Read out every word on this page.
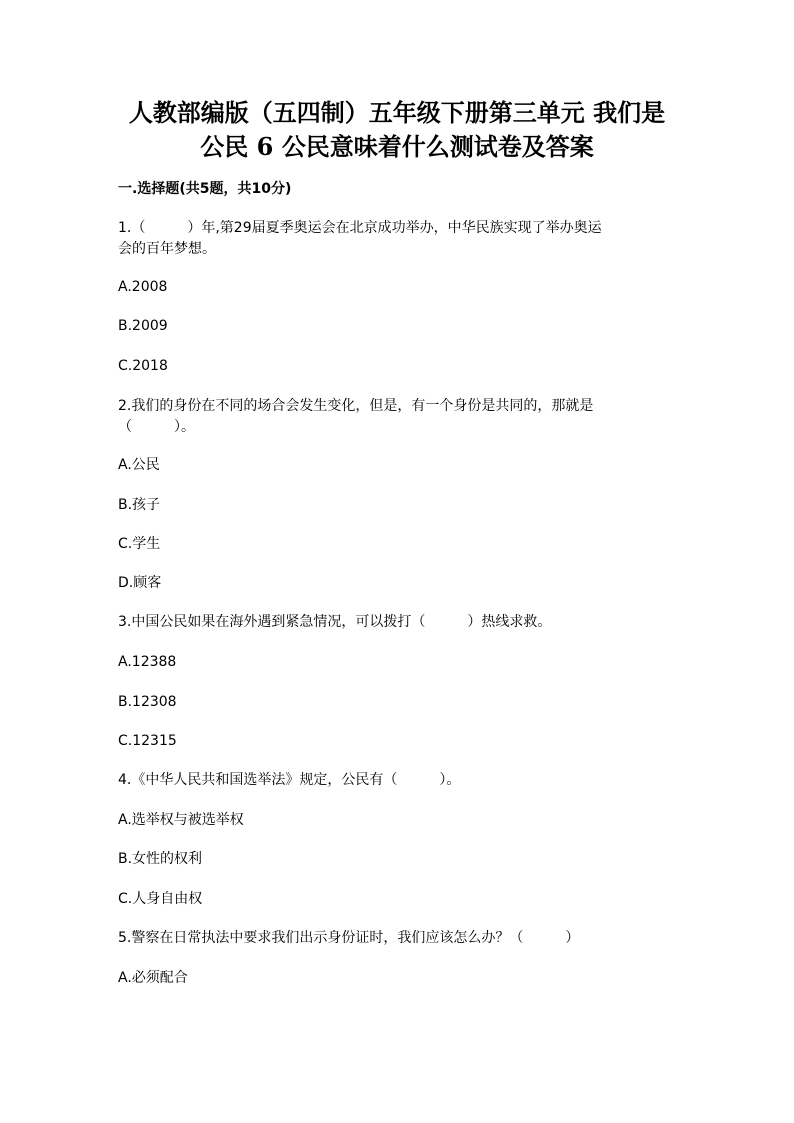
人教部编版（五四制）五年级下册第三单元 我们是
公民 6 公民意味着什么测试卷及答案
一.选择题(共5题，共10分)
1.（　　　）年,第29届夏季奥运会在北京成功举办，中华民族实现了举办奥运
会的百年梦想。
A.2008
B.2009
C.2018
2.我们的身份在不同的场合会发生变化，但是，有一个身份是共同的，那就是
（　　　）。
A.公民
B.孩子
C.学生
D.顾客
3.中国公民如果在海外遇到紧急情况，可以拨打（　　　）热线求救。
A.12388
B.12308
C.12315
4.《中华人民共和国选举法》规定，公民有（　　　）。
A.选举权与被选举权
B.女性的权利
C.人身自由权
5.警察在日常执法中要求我们出示身份证时，我们应该怎么办？（　　　）
A.必须配合
